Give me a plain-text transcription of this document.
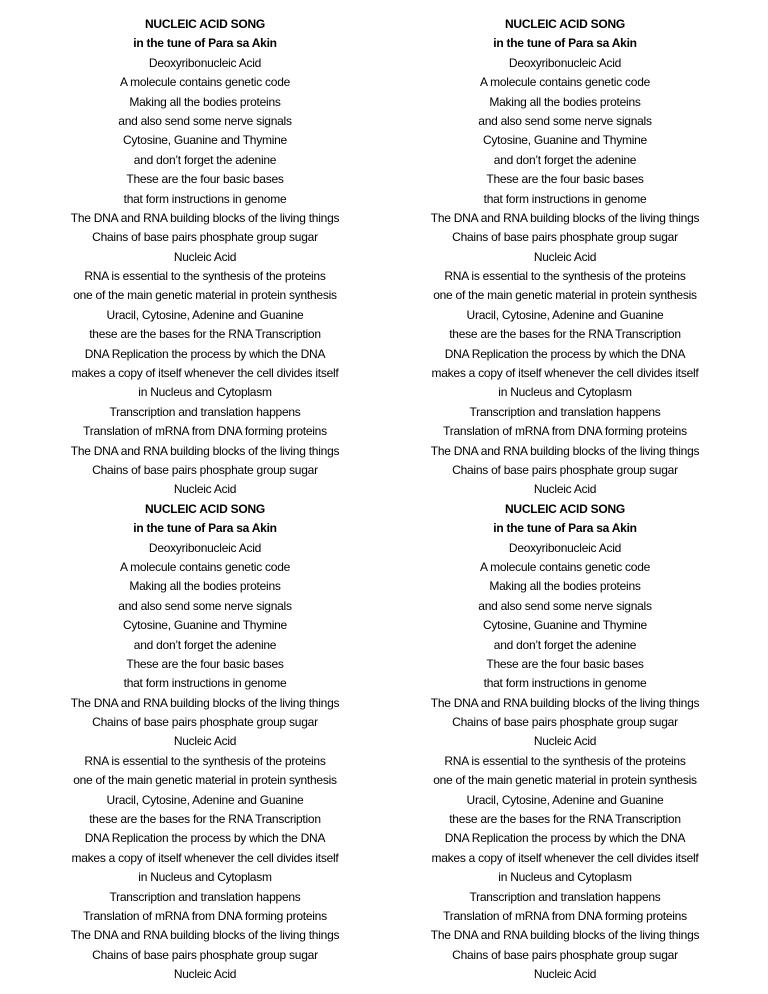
NUCLEIC ACID SONG
in the tune of Para sa Akin
Deoxyribonucleic Acid
A molecule contains genetic code
Making all the bodies proteins
and also send some nerve signals
Cytosine, Guanine and Thymine
and don’t forget the adenine
These are the four basic bases
that form instructions in genome
The DNA and RNA building blocks of the living things
Chains of base pairs phosphate group sugar
Nucleic Acid
RNA is essential to the synthesis of the proteins
one of the main genetic material in protein synthesis
Uracil, Cytosine, Adenine and Guanine
these are the bases for the RNA Transcription
DNA Replication the process by which the DNA
makes a copy of itself whenever the cell divides itself
in Nucleus and Cytoplasm
Transcription and translation happens
Translation of mRNA from DNA forming proteins
The DNA and RNA building blocks of the living things
Chains of base pairs phosphate group sugar
Nucleic Acid
NUCLEIC ACID SONG
in the tune of Para sa Akin
Deoxyribonucleic Acid
A molecule contains genetic code
Making all the bodies proteins
and also send some nerve signals
Cytosine, Guanine and Thymine
and don’t forget the adenine
These are the four basic bases
that form instructions in genome
The DNA and RNA building blocks of the living things
Chains of base pairs phosphate group sugar
Nucleic Acid
RNA is essential to the synthesis of the proteins
one of the main genetic material in protein synthesis
Uracil, Cytosine, Adenine and Guanine
these are the bases for the RNA Transcription
DNA Replication the process by which the DNA
makes a copy of itself whenever the cell divides itself
in Nucleus and Cytoplasm
Transcription and translation happens
Translation of mRNA from DNA forming proteins
The DNA and RNA building blocks of the living things
Chains of base pairs phosphate group sugar
Nucleic Acid
NUCLEIC ACID SONG
in the tune of Para sa Akin
Deoxyribonucleic Acid
A molecule contains genetic code
Making all the bodies proteins
and also send some nerve signals
Cytosine, Guanine and Thymine
and don’t forget the adenine
These are the four basic bases
that form instructions in genome
The DNA and RNA building blocks of the living things
Chains of base pairs phosphate group sugar
Nucleic Acid
RNA is essential to the synthesis of the proteins
one of the main genetic material in protein synthesis
Uracil, Cytosine, Adenine and Guanine
these are the bases for the RNA Transcription
DNA Replication the process by which the DNA
makes a copy of itself whenever the cell divides itself
in Nucleus and Cytoplasm
Transcription and translation happens
Translation of mRNA from DNA forming proteins
The DNA and RNA building blocks of the living things
Chains of base pairs phosphate group sugar
Nucleic Acid
NUCLEIC ACID SONG
in the tune of Para sa Akin
Deoxyribonucleic Acid
A molecule contains genetic code
Making all the bodies proteins
and also send some nerve signals
Cytosine, Guanine and Thymine
and don’t forget the adenine
These are the four basic bases
that form instructions in genome
The DNA and RNA building blocks of the living things
Chains of base pairs phosphate group sugar
Nucleic Acid
RNA is essential to the synthesis of the proteins
one of the main genetic material in protein synthesis
Uracil, Cytosine, Adenine and Guanine
these are the bases for the RNA Transcription
DNA Replication the process by which the DNA
makes a copy of itself whenever the cell divides itself
in Nucleus and Cytoplasm
Transcription and translation happens
Translation of mRNA from DNA forming proteins
The DNA and RNA building blocks of the living things
Chains of base pairs phosphate group sugar
Nucleic Acid
